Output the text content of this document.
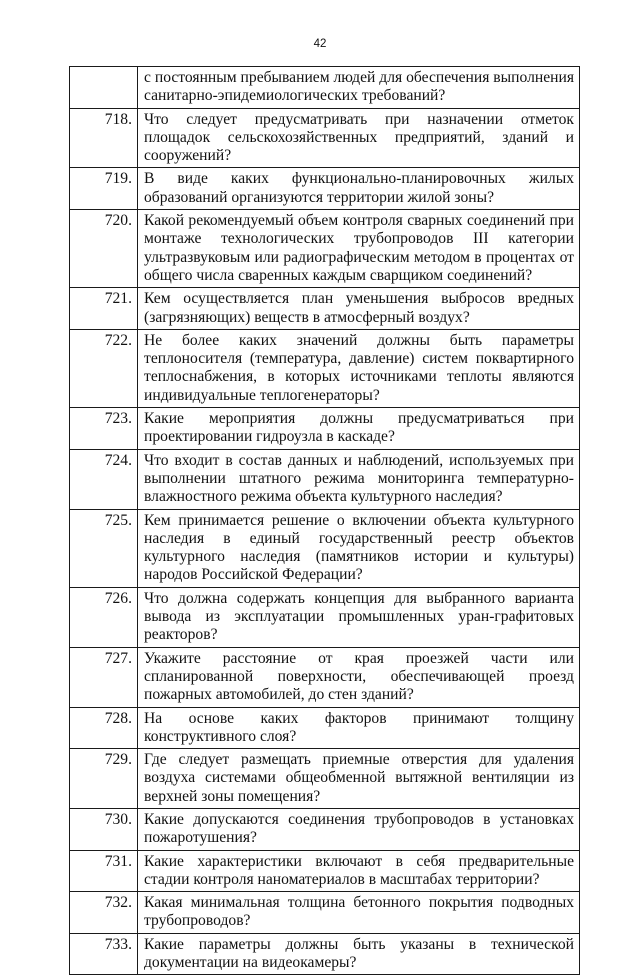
42
	с постоянным пребыванием людей для обеспечения выполнения санитарно-эпидемиологических требований?
718.	Что следует предусматривать при назначении отметок площадок сельскохозяйственных предприятий, зданий и сооружений?
719.	В виде каких функционально-планировочных жилых образований организуются территории жилой зоны?
720.	Какой рекомендуемый объем контроля сварных соединений при монтаже технологических трубопроводов III категории ультразвуковым или радиографическим методом в процентах от общего числа сваренных каждым сварщиком соединений?
721.	Кем осуществляется план уменьшения выбросов вредных (загрязняющих) веществ в атмосферный воздух?
722.	Не более каких значений должны быть параметры теплоносителя (температура, давление) систем поквартирного теплоснабжения, в которых источниками теплоты являются индивидуальные теплогенераторы?
723.	Какие мероприятия должны предусматриваться при проектировании гидроузла в каскаде?
724.	Что входит в состав данных и наблюдений, используемых при выполнении штатного режима мониторинга температурно-влажностного режима объекта культурного наследия?
725.	Кем принимается решение о включении объекта культурного наследия в единый государственный реестр объектов культурного наследия (памятников истории и культуры) народов Российской Федерации?
726.	Что должна содержать концепция для выбранного варианта вывода из эксплуатации промышленных уран-графитовых реакторов?
727.	Укажите расстояние от края проезжей части или спланированной поверхности, обеспечивающей проезд пожарных автомобилей, до стен зданий?
728.	На основе каких факторов принимают толщину конструктивного слоя?
729.	Где следует размещать приемные отверстия для удаления воздуха системами общеобменной вытяжной вентиляции из верхней зоны помещения?
730.	Какие допускаются соединения трубопроводов в установках пожаротушения?
731.	Какие характеристики включают в себя предварительные стадии контроля наноматериалов в масштабах территории?
732.	Какая минимальная толщина бетонного покрытия подводных трубопроводов?
733.	Какие параметры должны быть указаны в технической документации на видеокамеры?
